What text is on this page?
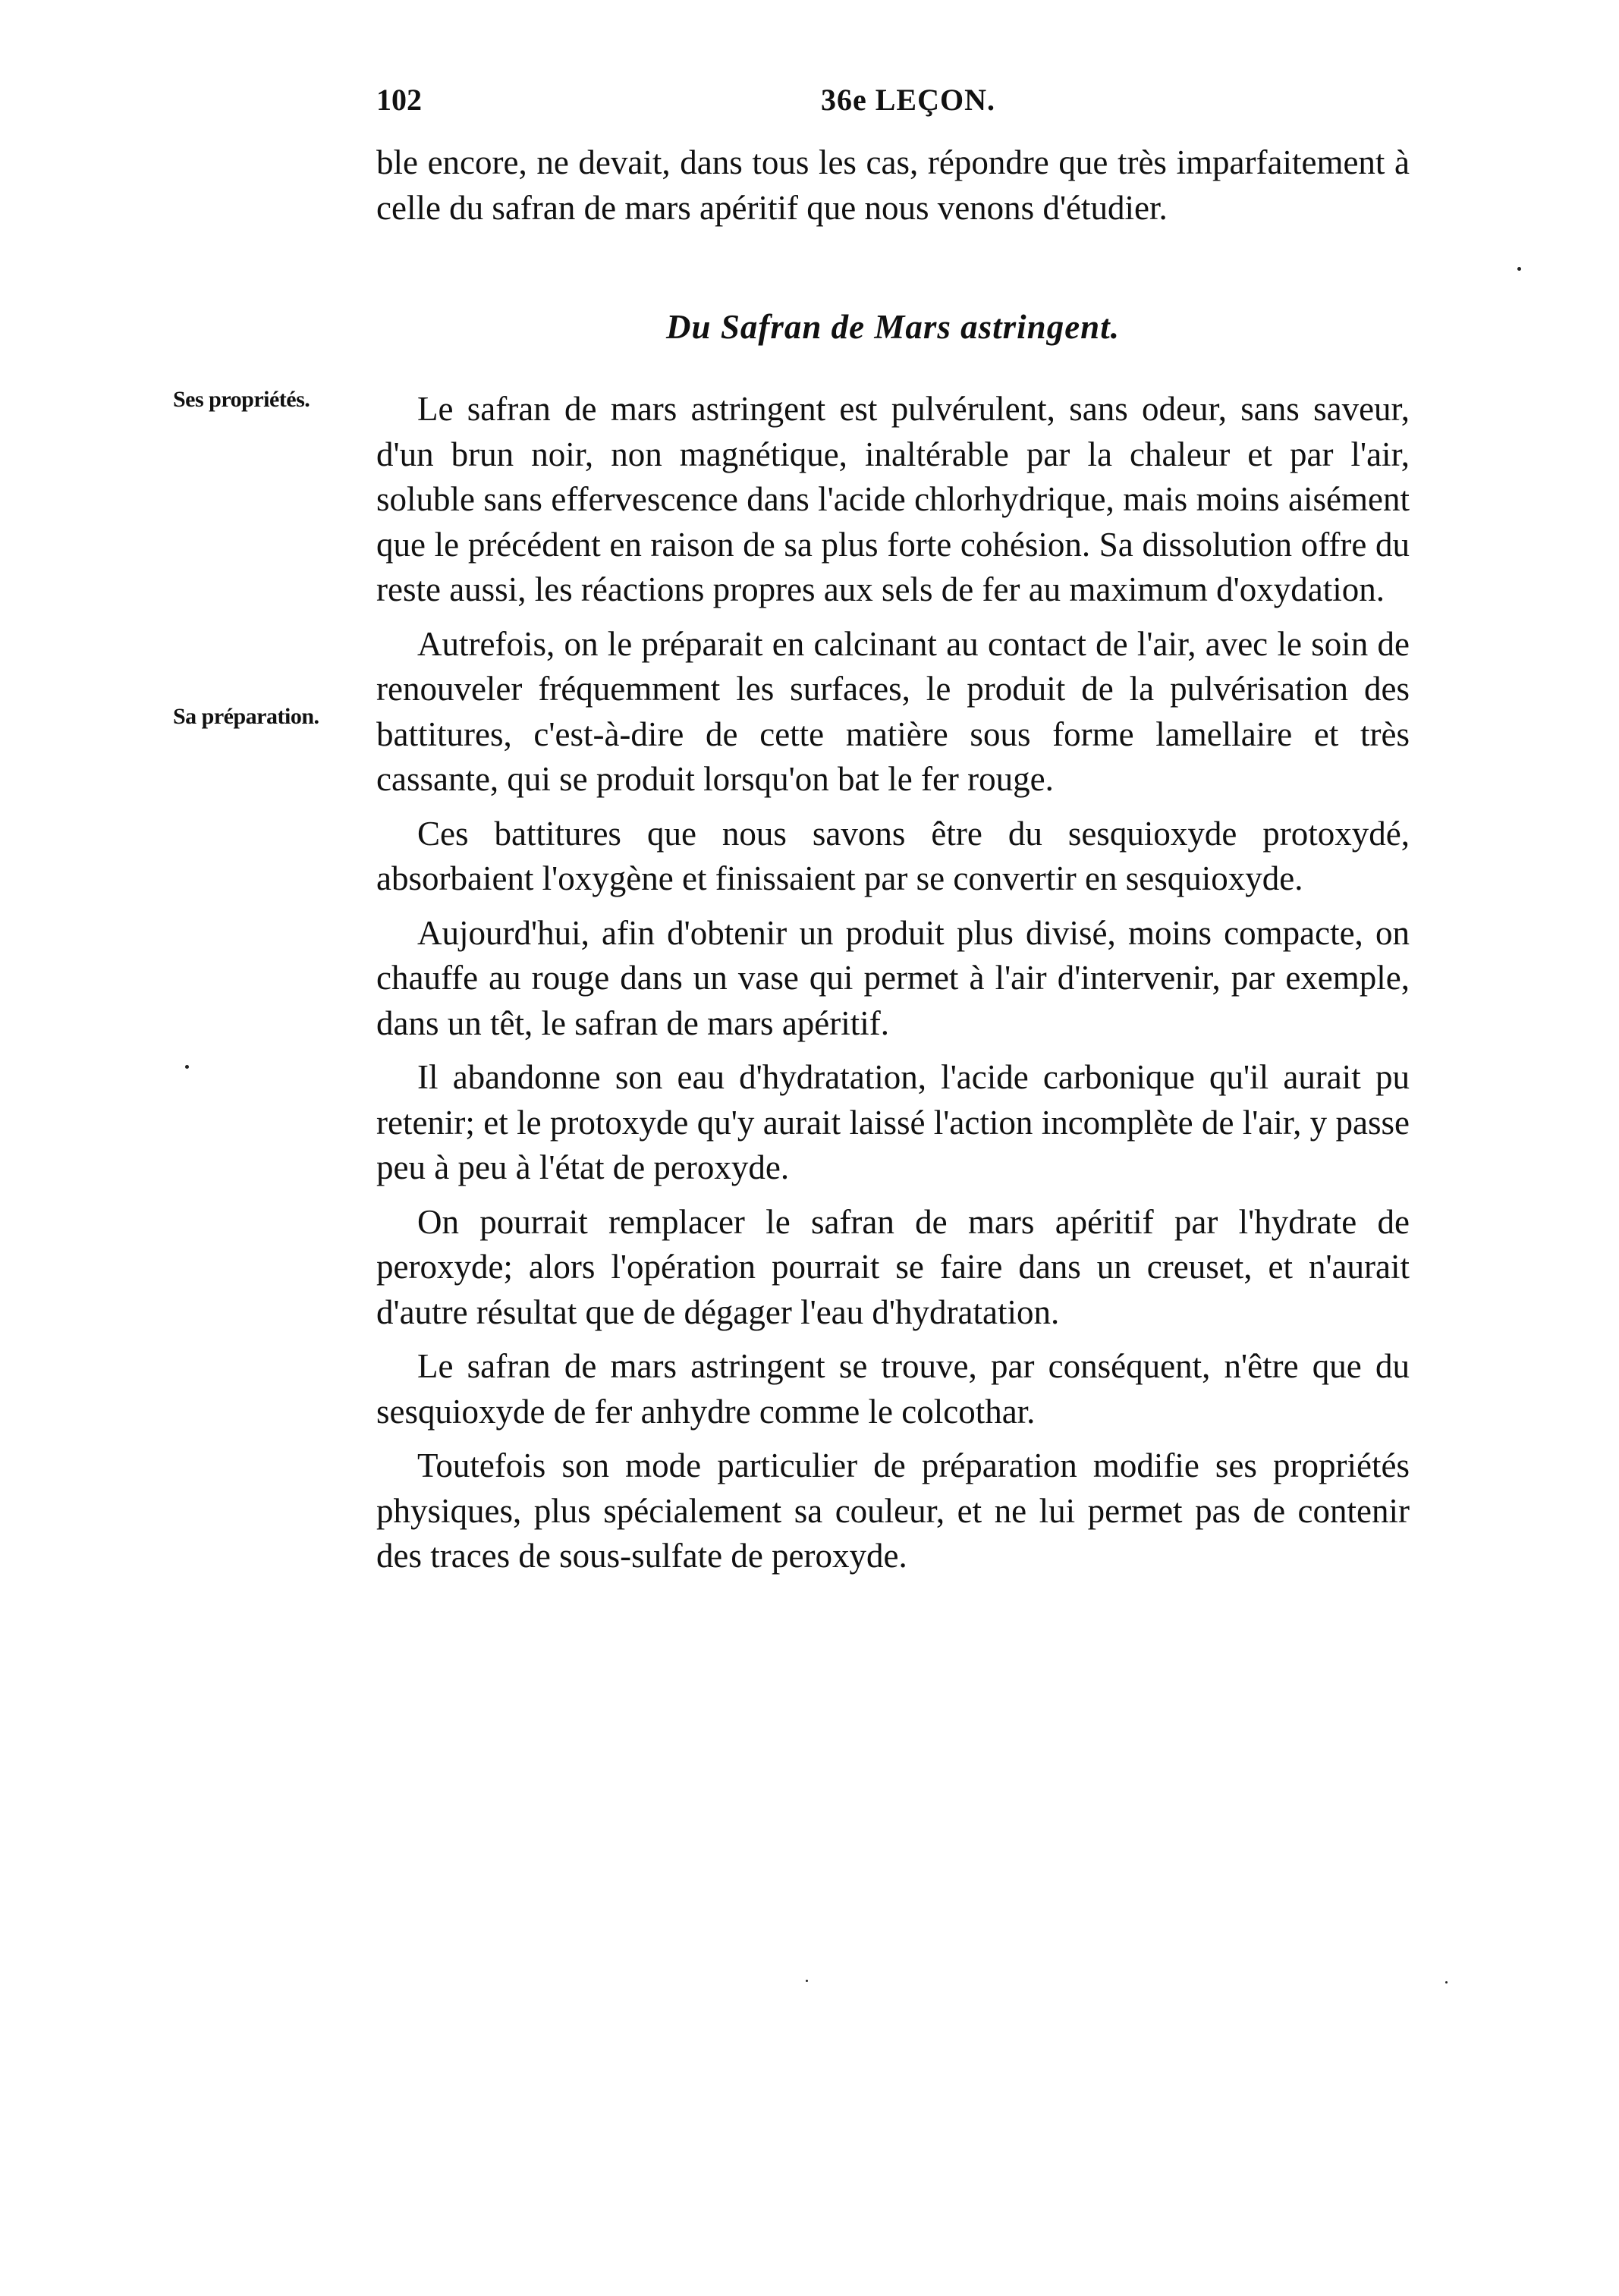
102	36e LEÇON.

ble encore, ne devait, dans tous les cas, répondre que très imparfaitement à celle du safran de mars apéritif que nous venons d'étudier.

Du Safran de Mars astringent.
Ses propriétés.
Sa préparation.

Le safran de mars astringent est pulvérulent, sans odeur, sans saveur, d'un brun noir, non magnétique, inaltérable par la chaleur et par l'air, soluble sans effervescence dans l'acide chlorhydrique, mais moins aisément que le précédent en raison de sa plus forte cohésion. Sa dissolution offre du reste aussi, les réactions propres aux sels de fer au maximum d'oxydation.

Autrefois, on le préparait en calcinant au contact de l'air, avec le soin de renouveler fréquemment les surfaces, le produit de la pulvérisation des battitures, c'est-à-dire de cette matière sous forme lamellaire et très cassante, qui se produit lorsqu'on bat le fer rouge.

Ces battitures que nous savons être du sesquioxyde protoxydé, absorbaient l'oxygène et finissaient par se convertir en sesquioxyde.

Aujourd'hui, afin d'obtenir un produit plus divisé, moins compacte, on chauffe au rouge dans un vase qui permet à l'air d'intervenir, par exemple, dans un têt, le safran de mars apéritif.

Il abandonne son eau d'hydratation, l'acide carbonique qu'il aurait pu retenir; et le protoxyde qu'y aurait laissé l'action incomplète de l'air, y passe peu à peu à l'état de peroxyde.

On pourrait remplacer le safran de mars apéritif par l'hydrate de peroxyde; alors l'opération pourrait se faire dans un creuset, et n'aurait d'autre résultat que de dégager l'eau d'hydratation.

Le safran de mars astringent se trouve, par conséquent, n'être que du sesquioxyde de fer anhydre comme le colcothar.

Toutefois son mode particulier de préparation modifie ses propriétés physiques, plus spécialement sa couleur, et ne lui permet pas de contenir des traces de sous-sulfate de peroxyde.
